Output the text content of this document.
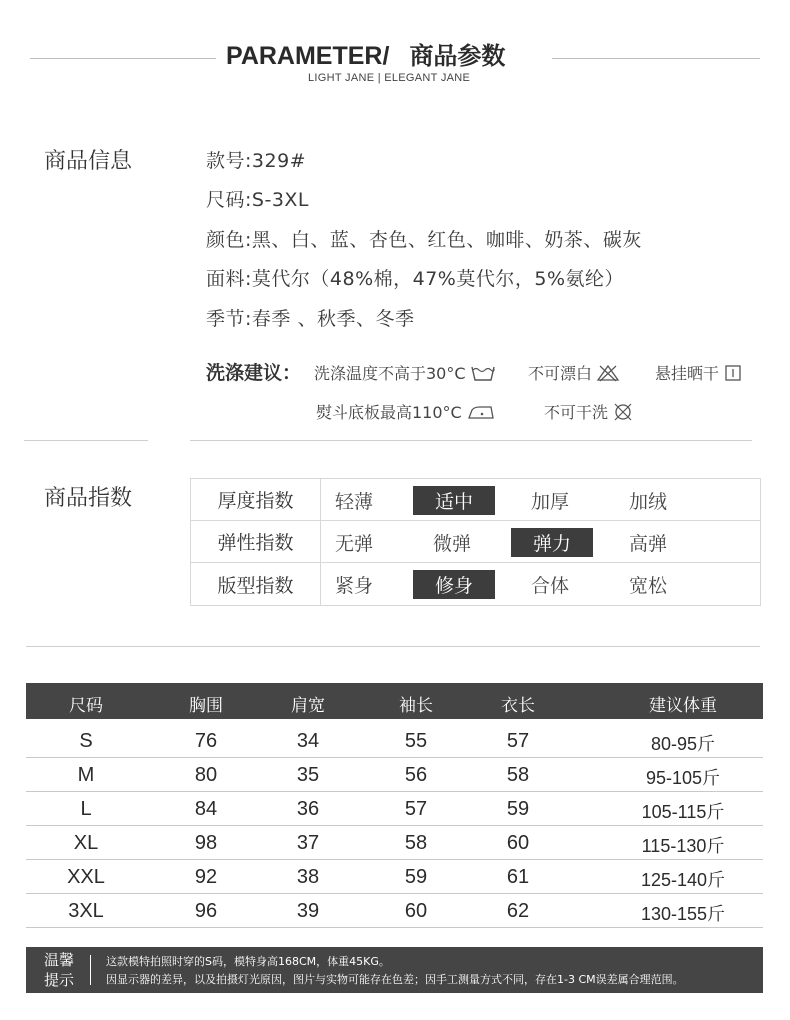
PARAMETER/ 商品参数
LIGHT JANE | ELEGANT JANE
商品信息	款号:329#
尺码:S-3XL
颜色:黑、白、蓝、杏色、红色、咖啡、奶茶、碳灰
面料:莫代尔（48%棉，47%莫代尔，5%氨纶）
季节:春季 、秋季、冬季
洗涤建议： 洗涤温度不高于30°C	不可漂白	悬挂晒干
熨斗底板最高110°C	不可干洗
商品指数	厚度指数	轻薄	适中	加厚	加绒
弹性指数	无弹	微弹	弹力	高弹
版型指数	紧身	修身	合体	宽松
尺码	胸围	肩宽	袖长	衣长	建议体重
S	76	34	55	57	80-95斤
M	80	35	56	58	95-105斤
L	84	36	57	59	105-115斤
XL	98	37	58	60	115-130斤
XXL	92	38	59	61	125-140斤
3XL	96	39	60	62	130-155斤
温馨
提示
这款模特拍照时穿的S码，模特身高168CM，体重45KG。
因显示器的差异，以及拍摄灯光原因，图片与实物可能存在色差；因手工测量方式不同，存在1-3 CM误差属合理范围。
